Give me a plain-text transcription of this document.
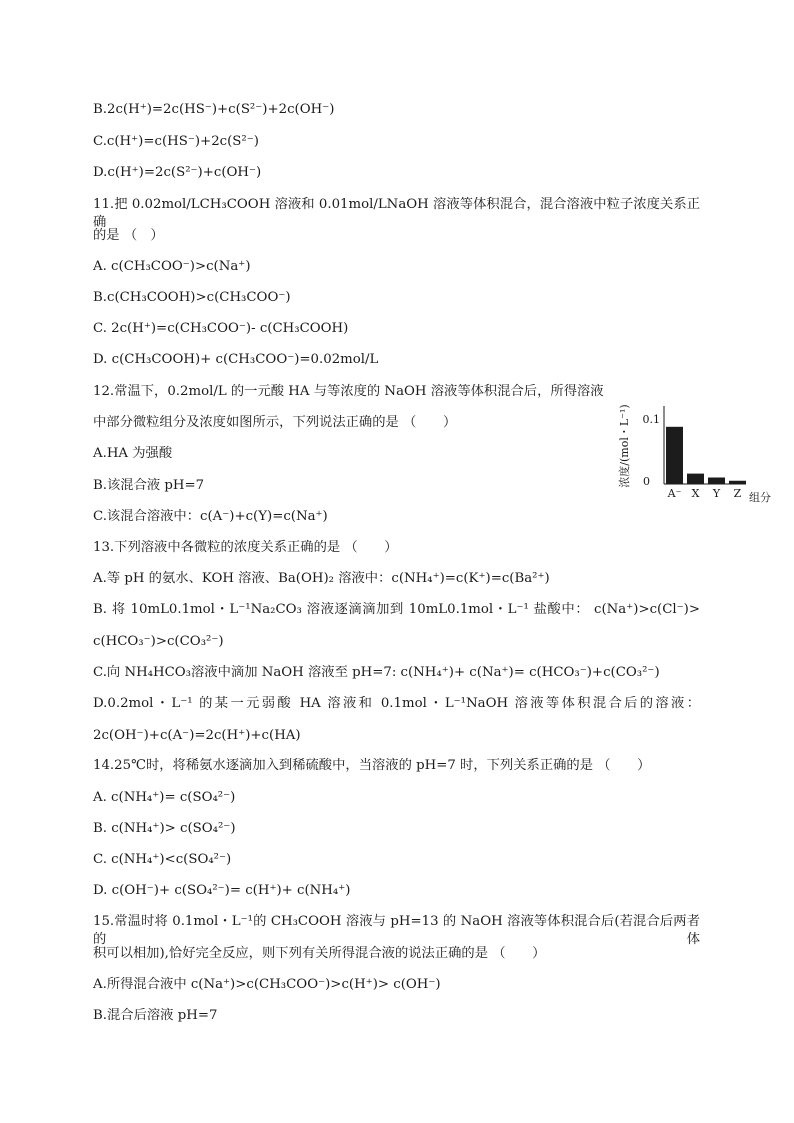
B.2c(H⁺)=2c(HS⁻)+c(S²⁻)+2c(OH⁻)

C.c(H⁺)=c(HS⁻)+2c(S²⁻)

D.c(H⁺)=2c(S²⁻)+c(OH⁻)

11.把 0.02mol/LCH₃COOH 溶液和 0.01mol/LNaOH 溶液等体积混合，混合溶液中粒子浓度关系正确

的是 （　）

A. c(CH₃COO⁻)>c(Na⁺)

B.c(CH₃COOH)>c(CH₃COO⁻)

C. 2c(H⁺)=c(CH₃COO⁻)- c(CH₃COOH)

D. c(CH₃COOH)+ c(CH₃COO⁻)=0.02mol/L

12.常温下，0.2mol/L 的一元酸 HA 与等浓度的 NaOH 溶液等体积混合后，所得溶液

中部分微粒组分及浓度如图所示，下列说法正确的是 （　　）

A.HA 为强酸

B.该混合液 pH=7

C.该混合溶液中：c(A⁻)+c(Y)=c(Na⁺)

13.下列溶液中各微粒的浓度关系正确的是 （　　）

A.等 pH 的氨水、KOH 溶液、Ba(OH)₂ 溶液中：c(NH₄⁺)=c(K⁺)=c(Ba²⁺)

B. 将 10mL0.1mol・L⁻¹Na₂CO₃ 溶液逐滴滴加到 10mL0.1mol・L⁻¹ 盐酸中： c(Na⁺)>c(Cl⁻)>

c(HCO₃⁻)>c(CO₃²⁻)

C.向 NH₄HCO₃溶液中滴加 NaOH 溶液至 pH=7: c(NH₄⁺)+ c(Na⁺)= c(HCO₃⁻)+c(CO₃²⁻)

D.0.2mol・L⁻¹ 的某一元弱酸 HA 溶液和 0.1mol・L⁻¹NaOH 溶液等体积混合后的溶液：

2c(OH⁻)+c(A⁻)=2c(H⁺)+c(HA)

14.25℃时，将稀氨水逐滴加入到稀硫酸中，当溶液的 pH=7 时，下列关系正确的是 （　　）

A. c(NH₄⁺)= c(SO₄²⁻)

B. c(NH₄⁺)> c(SO₄²⁻)

C. c(NH₄⁺)<c(SO₄²⁻)

D. c(OH⁻)+ c(SO₄²⁻)= c(H⁺)+ c(NH₄⁺)

15.常温时将 0.1mol・L⁻¹的 CH₃COOH 溶液与 pH=13 的 NaOH 溶液等体积混合后(若混合后两者的体

积可以相加),恰好完全反应，则下列有关所得混合液的说法正确的是 （　　）

A.所得混合液中 c(Na⁺)>c(CH₃COO⁻)>c(H⁺)> c(OH⁻)

B.混合后溶液 pH=7

浓度/(mol・L⁻¹) 0.1
0
组分
A⁻ X Y Z
